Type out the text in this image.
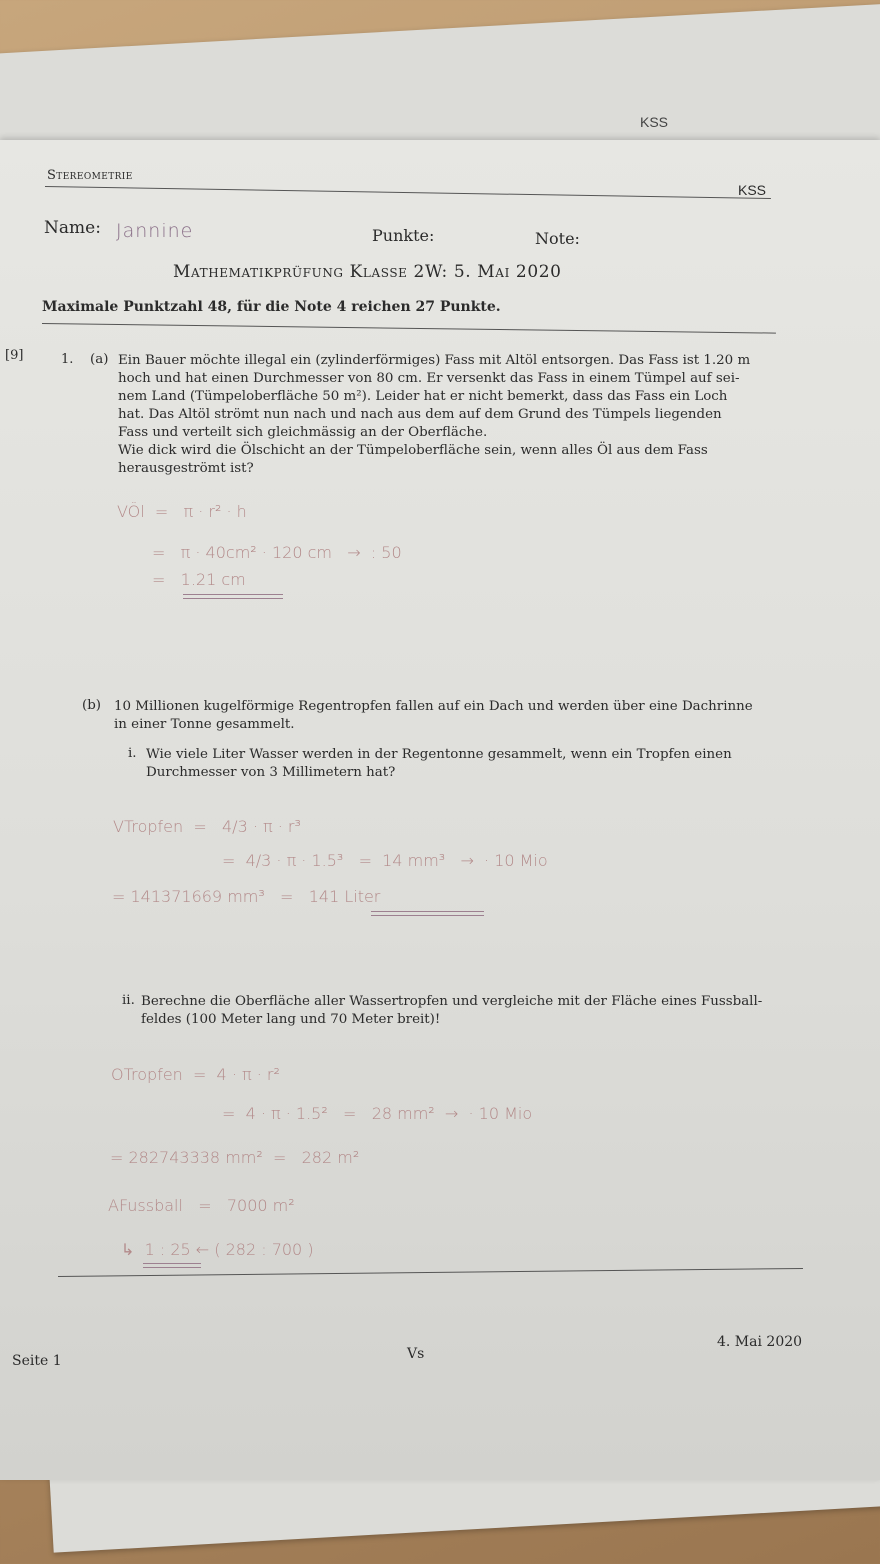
KSS
Stereometrie
KSS
Name: Jannine	Punkte:	Note:
Mathematikprüfung Klasse 2W: 5. Mai 2020
Maximale Punktzahl 48, für die Note 4 reichen 27 Punkte.
[9]	1. (a) Ein Bauer möchte illegal ein (zylinderförmiges) Fass mit Altöl entsorgen. Das Fass ist 1.20 m
hoch und hat einen Durchmesser von 80 cm. Er versenkt das Fass in einem Tümpel auf sei-
nem Land (Tümpeloberfläche 50 m²). Leider hat er nicht bemerkt, dass das Fass ein Loch
hat. Das Altöl strömt nun nach und nach aus dem auf dem Grund des Tümpels liegenden
Fass und verteilt sich gleichmässig an der Oberfläche.
Wie dick wird die Ölschicht an der Tümpeloberfläche sein, wenn alles Öl aus dem Fass
herausgeströmt ist?
VÖl  =   π · r² · h
=   π · 40cm² · 120 cm   →  : 50
=   1.21 cm
(b) 10 Millionen kugelförmige Regentropfen fallen auf ein Dach und werden über eine Dachrinne
in einer Tonne gesammelt.
i. Wie viele Liter Wasser werden in der Regentonne gesammelt, wenn ein Tropfen einen
Durchmesser von 3 Millimetern hat?
VTropfen  =   4/3 · π · r³
=  4/3 · π · 1.5³   =  14 mm³   →  · 10 Mio
= 141371669 mm³   =   141 Liter
ii. Berechne die Oberfläche aller Wassertropfen und vergleiche mit der Fläche eines Fussball-
feldes (100 Meter lang und 70 Meter breit)!
OTropfen  =  4 · π · r²
=  4 · π · 1.5²   =   28 mm²  →  · 10 Mio
= 282743338 mm²  =   282 m²
AFussball   =   7000 m²
↳  1 : 25 ← ( 282 : 700 )
Seite 1	Vs
4. Mai 2020
